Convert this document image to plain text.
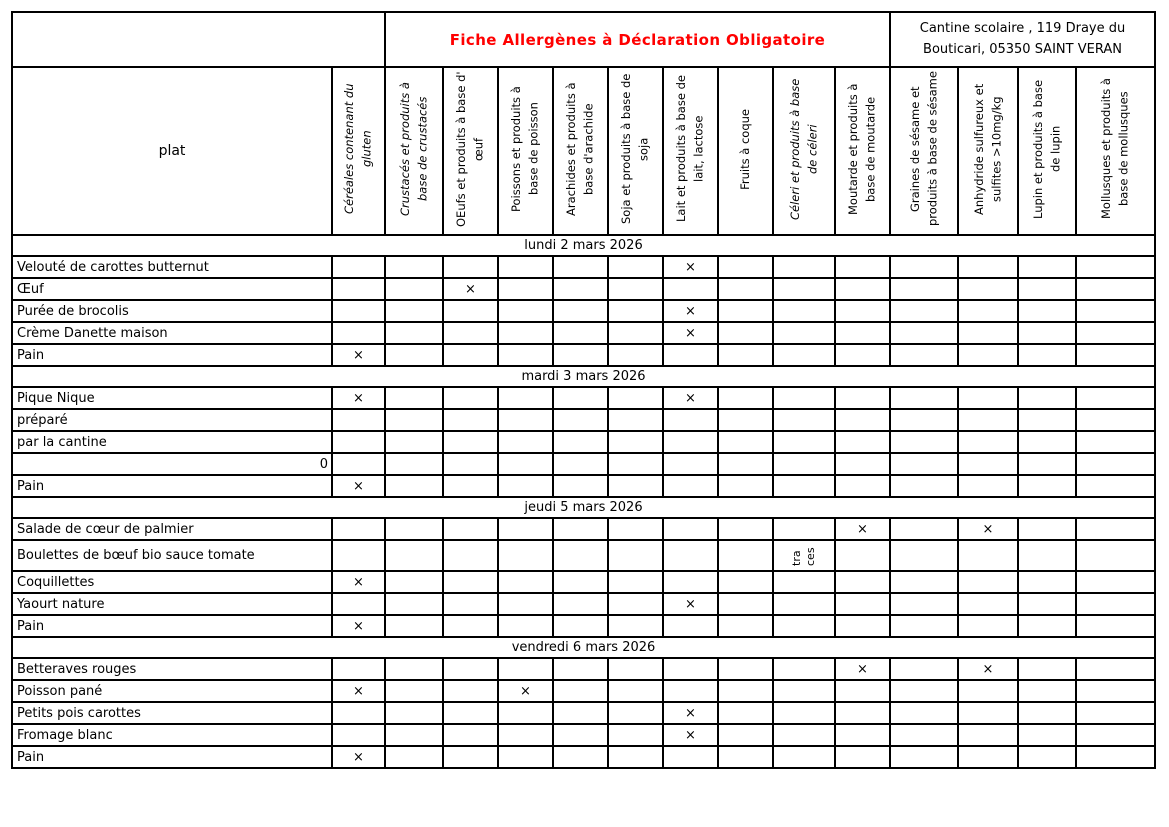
		Fiche Allergènes à Déclaration Obligatoire									Cantine scolaire , 119 Draye du
Bouticari, 05350 SAINT VERAN			

plat	Céréales contenant du gluten	Crustacés et produits à base de crustacés	OEufs et produits à base d' œuf	Poissons et produits à base de poisson	Arachides et produits à base d'arachide	Soja et produits à base de soja	Lait et produits à base de lait, lactose	Fruits à coque	Céleri et produits à base de céleri	Moutarde et produits à base de moutarde	Graines de sésame et produits à base de sésame	Anhydride sulfureux et sulfites >10mg/kg	Lupin et produits à base de lupin	Mollusques et produits à base de mollusques
lundi 2 mars 2026														
Velouté de carottes butternut							×							
Œuf			×											
Purée de brocolis							×							
Crème Danette maison							×							
Pain	×													
mardi 3 mars 2026														
Pique Nique	×						×							
préparé														
par la cantine														
0														
Pain	×													
jeudi 5 mars 2026														
Salade de cœur de palmier										×		×		
Boulettes de bœuf bio sauce tomate									tra ces					
Coquillettes	×													
Yaourt nature							×							
Pain	×													
vendredi 6 mars 2026														
Betteraves rouges										×		×		
Poisson pané	×			×										
Petits pois carottes							×							
Fromage blanc							×							
Pain	×													
